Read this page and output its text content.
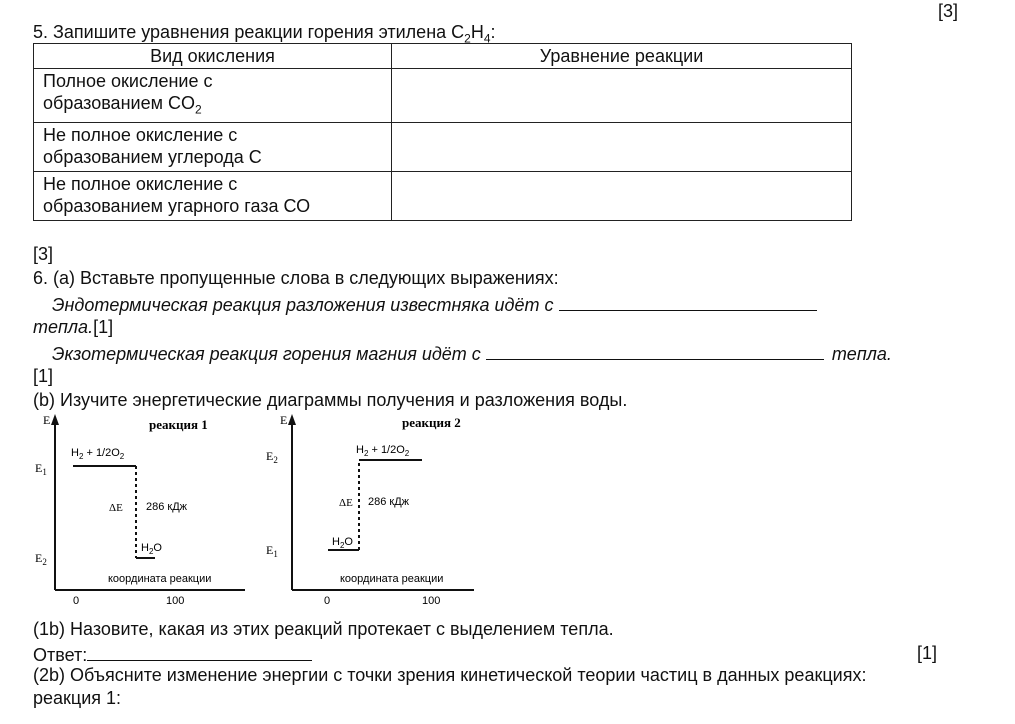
[3]
5. Запишите уравнения реакции горения этилена $C_2H_4$:
Вид окисления	Уравнение реакции
Полное окисление с
образованием $CO_2$	
Не полное окисление с
образованием углерода С	
Не полное окисление с
образованием угарного газа СО	
[3]
6. (a) Вставьте пропущенные слова в следующих выражениях:
Эндотермическая реакция разложения известняка идёт с
тепла.[1]
Экзотермическая реакция горения магния идёт с	тепла.
[1]
(b) Изучите энергетические диаграммы получения и разложения воды.
E	реакция 1
$E_1$
$E_2$
$H_2 + 1/2O_2$
$H_2O$
ΔE 286 кДж
координата реакции
0	100
E	реакция 2
$E_2$
$E_1$
$H_2O$
$H_2 + 1/2O_2$
ΔE 286 кДж
координата реакции
0	100
(1b) Назовите, какая из этих реакций протекает с выделением тепла.
Ответ:	[1]
(2b) Объясните изменение энергии с точки зрения кинетической теории частиц в данных реакциях:
реакция 1:
